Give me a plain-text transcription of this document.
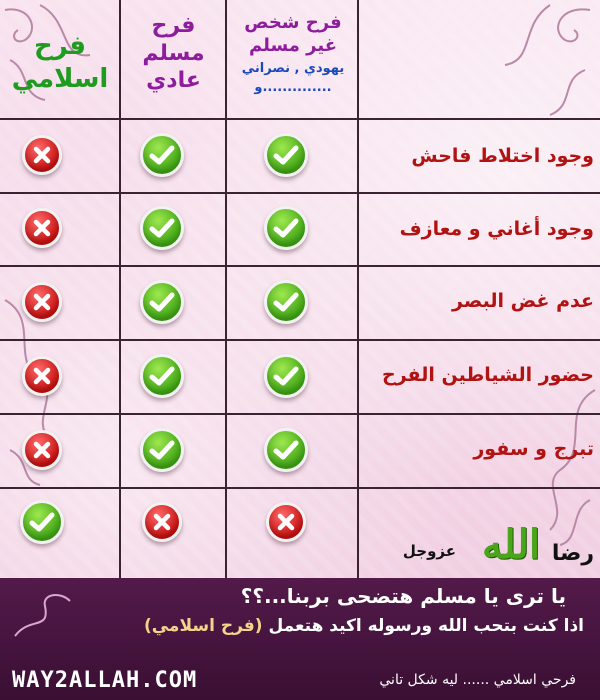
فرح
اسلامي
فرح
مسلم
عادي
فرح شخص
غير مسلم
يهودي , نصراني
و..............
وجود اختلاط فاحش
وجود أغاني و معازف
عدم غض البصر
حضور الشياطين الفرح
تبرج و سفور
رضا
الله
عزوجل
يا ترى يا مسلم هتضحى بربنا...؟؟
اذا كنت بتحب الله ورسوله اكيد هتعمل (فرح اسلامي)
WAY2ALLAH.COM	فرحي اسلامي ...... ليه شكل تاني
